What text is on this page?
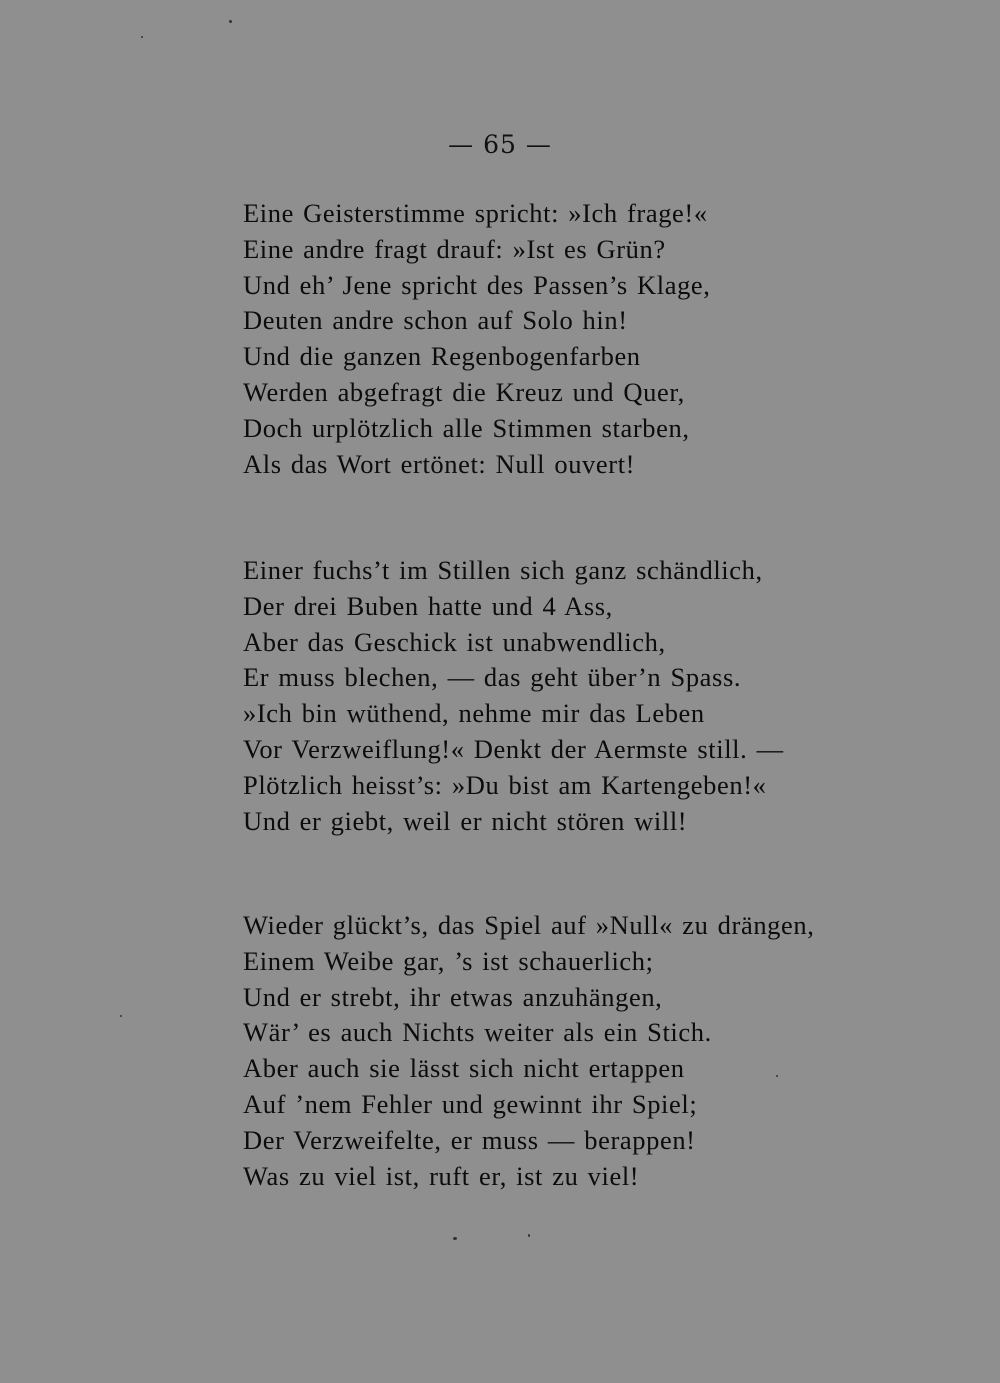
— 65 —
Eine Geisterstimme spricht: »Ich frage!«
Eine andre fragt drauf: »Ist es Grün?
Und eh’ Jene spricht des Passen’s Klage,
Deuten andre schon auf Solo hin!
Und die ganzen Regenbogenfarben
Werden abgefragt die Kreuz und Quer,
Doch urplötzlich alle Stimmen starben,
Als das Wort ertönet: Null ouvert!
Einer fuchs’t im Stillen sich ganz schändlich,
Der drei Buben hatte und 4 Ass,
Aber das Geschick ist unabwendlich,
Er muss blechen, — das geht über’n Spass.
»Ich bin wüthend, nehme mir das Leben
Vor Verzweiflung!« Denkt der Aermste still. —
Plötzlich heisst’s: »Du bist am Kartengeben!«
Und er giebt, weil er nicht stören will!
Wieder glückt’s, das Spiel auf »Null« zu drängen,
Einem Weibe gar, ’s ist schauerlich;
Und er strebt, ihr etwas anzuhängen,
Wär’ es auch Nichts weiter als ein Stich.
Aber auch sie lässt sich nicht ertappen
Auf ’nem Fehler und gewinnt ihr Spiel;
Der Verzweifelte, er muss — berappen!
Was zu viel ist, ruft er, ist zu viel!
